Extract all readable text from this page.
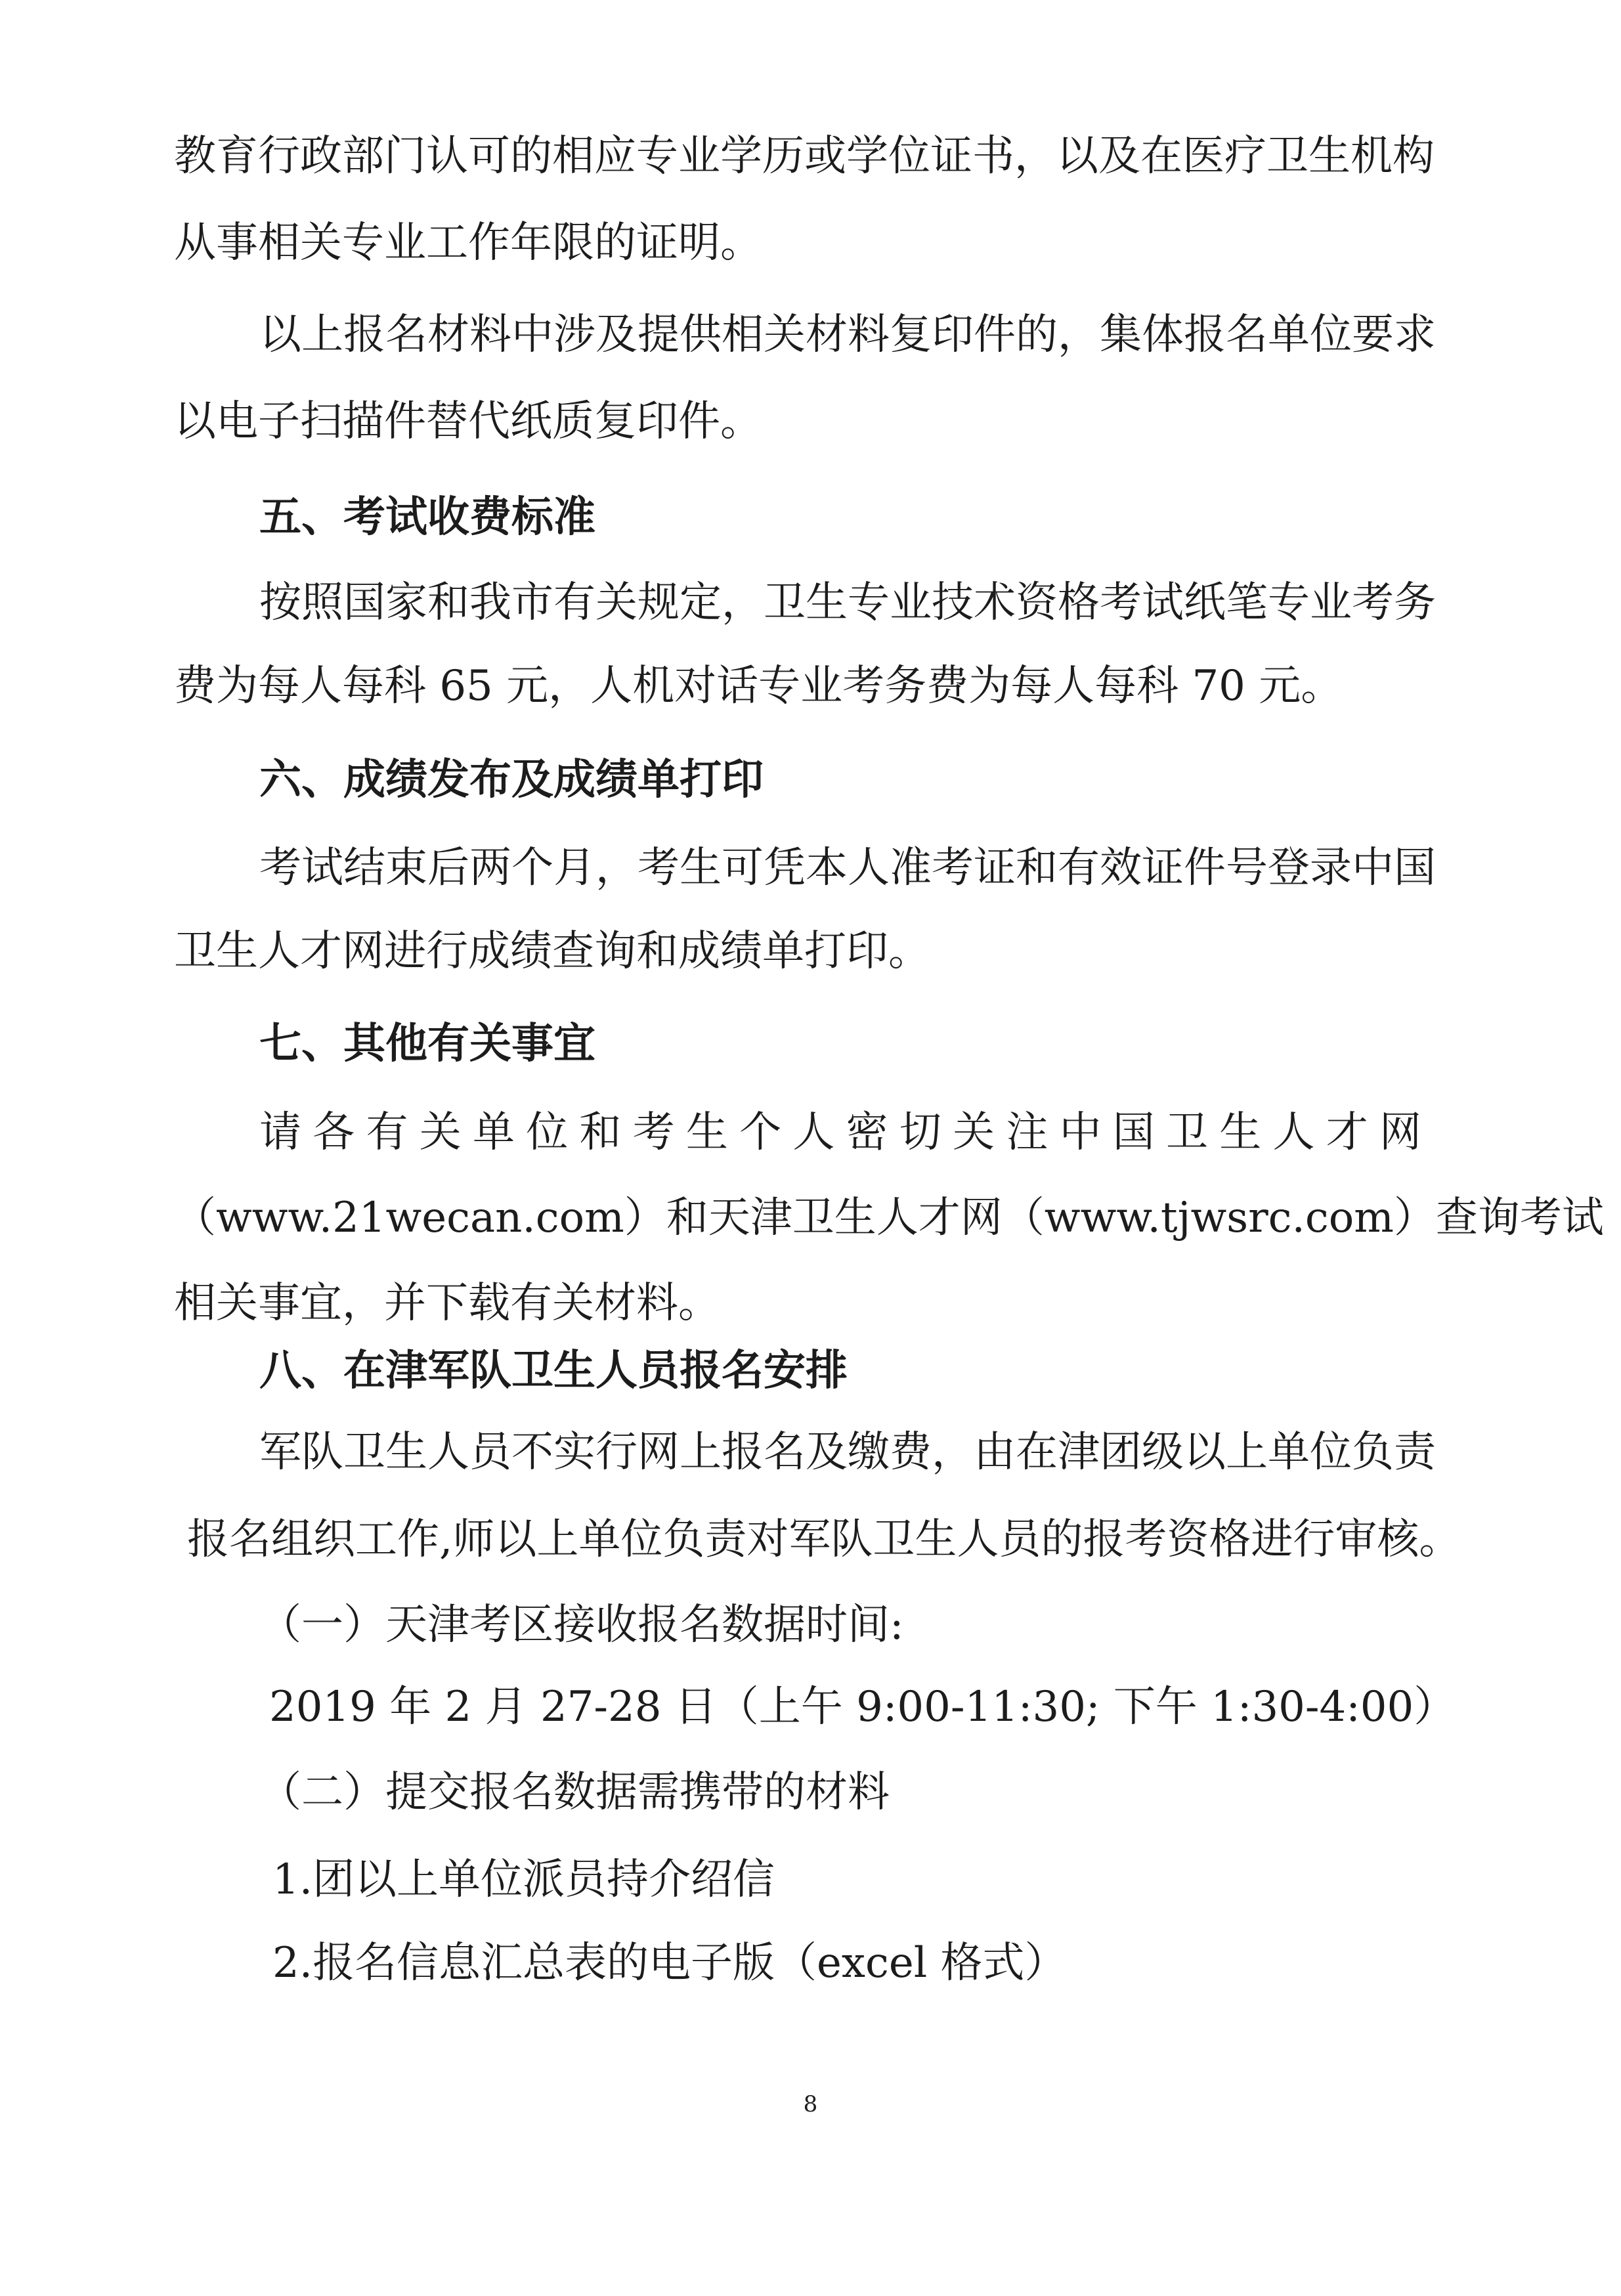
教育行政部门认可的相应专业学历或学位证书，以及在医疗卫生机构

从事相关专业工作年限的证明。

以上报名材料中涉及提供相关材料复印件的，集体报名单位要求

以电子扫描件替代纸质复印件。

五、考试收费标准

按照国家和我市有关规定，卫生专业技术资格考试纸笔专业考务

费为每人每科 65 元，人机对话专业考务费为每人每科 70 元。

六、成绩发布及成绩单打印

考试结束后两个月，考生可凭本人准考证和有效证件号登录中国

卫生人才网进行成绩查询和成绩单打印。

七、其他有关事宜

请各有关单位和考生个人密切关注中国卫生人才网

（www.21wecan.com）和天津卫生人才网（www.tjwsrc.com）查询考试

相关事宜，并下载有关材料。

八、在津军队卫生人员报名安排

军队卫生人员不实行网上报名及缴费，由在津团级以上单位负责

报名组织工作,师以上单位负责对军队卫生人员的报考资格进行审核。

（一）天津考区接收报名数据时间:

2019 年 2 月 27-28 日（上午 9:00-11:30; 下午 1:30-4:00）

（二）提交报名数据需携带的材料

1.团以上单位派员持介绍信

2.报名信息汇总表的电子版（excel 格式）

8
